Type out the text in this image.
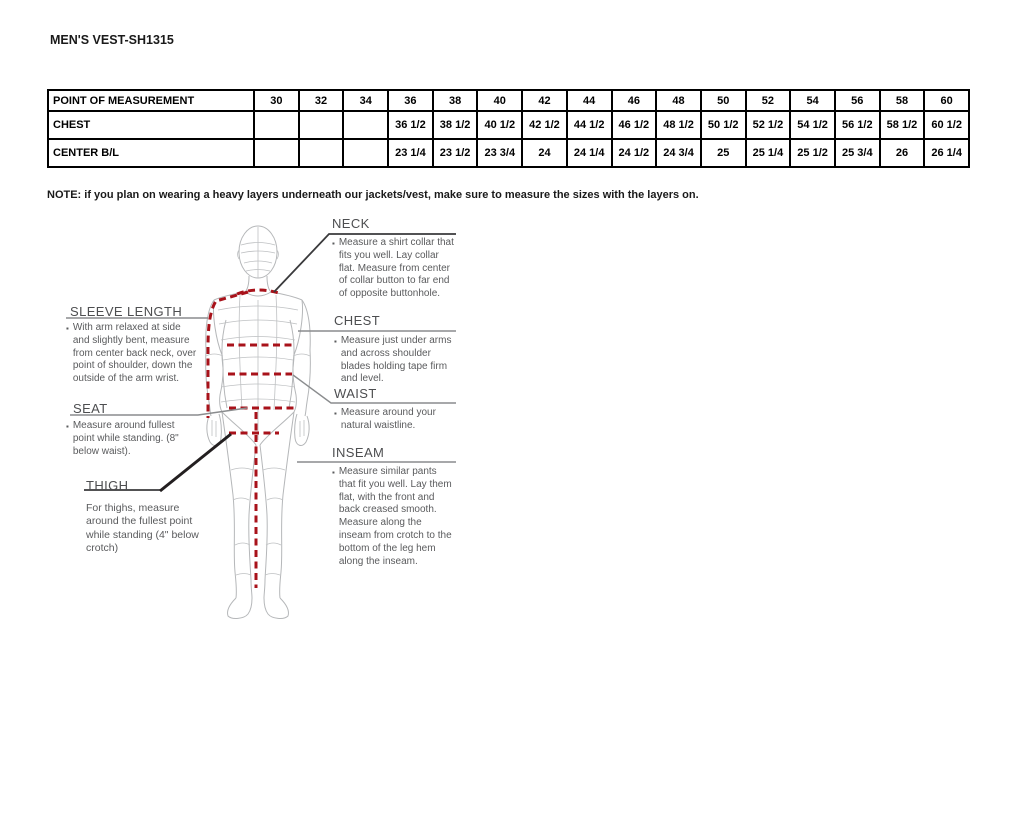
MEN'S VEST-SH1315
POINT OF MEASUREMENT	30	32	34	36	38	40	42	44	46	48	50	52	54	56	58	60
CHEST				36 1/2	38 1/2	40 1/2	42 1/2	44 1/2	46 1/2	48 1/2	50 1/2	52 1/2	54 1/2	56 1/2	58 1/2	60 1/2
CENTER B/L				23 1/4	23 1/2	23 3/4	24	24 1/4	24 1/2	24 3/4	25	25 1/4	25 1/2	25 3/4	26	26 1/4
NOTE: if you plan on wearing a heavy layers underneath our jackets/vest, make sure to measure the sizes with the layers on.
NECK
▪ Measure a shirt collar that fits you well. Lay collar flat. Measure from center of collar button to far end of opposite buttonhole.
CHEST
▪ Measure just under arms and across shoulder blades holding tape firm and level.
WAIST
▪ Measure around your natural waistline.
INSEAM
▪ Measure similar pants that fit you well. Lay them flat, with the front and back creased smooth. Measure along the inseam from crotch to the bottom of the leg hem along the inseam.
SLEEVE LENGTH
▪ With arm relaxed at side and slightly bent, measure from center back neck, over point of shoulder, down the outside of the arm wrist.
SEAT
▪ Measure around fullest point while standing. (8" below waist).
THIGH
For thighs, measure around the fullest point while standing (4" below crotch)
